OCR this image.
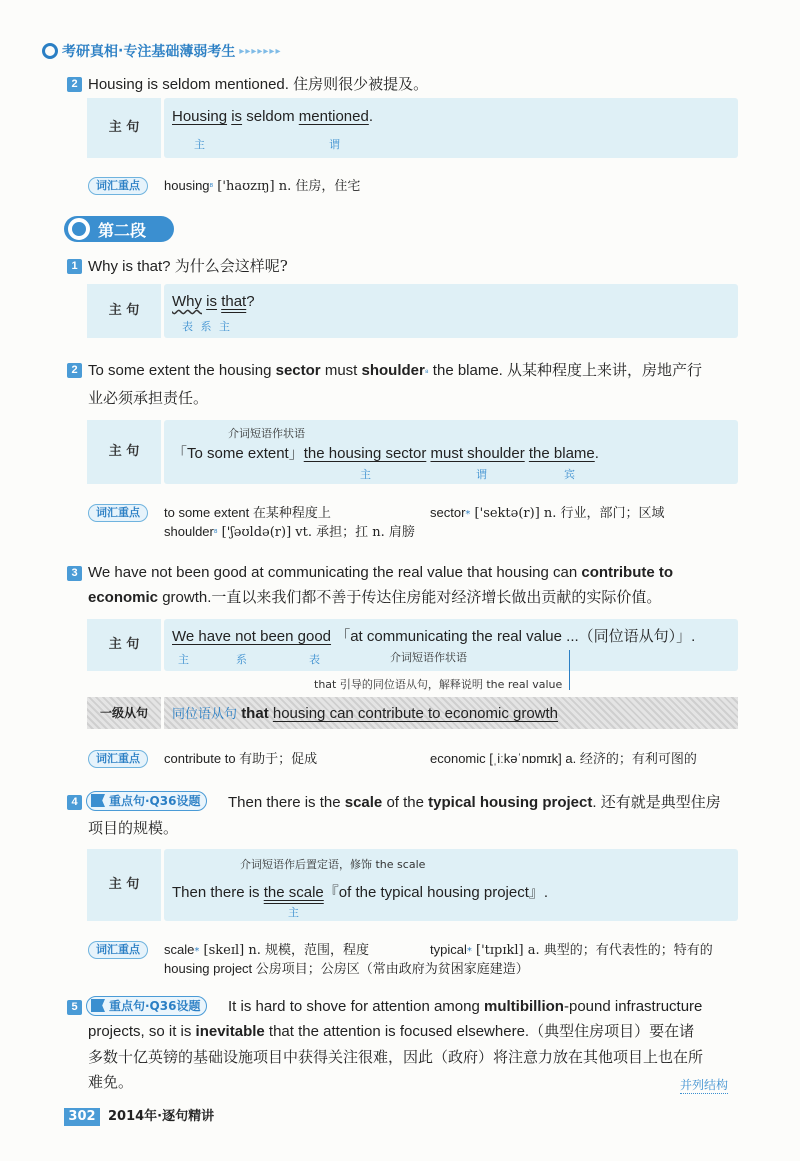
考研真相 · 专注基础薄弱考生 ▸▸▸▸▸▸▸
2 Housing is seldom mentioned. 住房则很少被提及。
主 句
Housing is seldom mentioned.
主	谓
词汇重点	housing⁸ ['haʊzɪŋ] n. 住房，住宅
第二段
1 Why is that? 为什么会这样呢?
主 句
Why is that?
表 系 主
2 To some extent the housing sector must shoulder⁸ the blame. 从某种程度上来讲，房地产行
业必须承担责任。
主 句
介词短语作状语
「To some extent」the housing sector must shoulder the blame.
主	谓	宾
词汇重点	to some extent 在某种程度上	sector* ['sektə(r)] n. 行业，部门；区域
shoulder⁸ ['ʃəʊldə(r)] vt. 承担；扛 n. 肩膀
3 We have not been good at communicating the real value that housing can contribute to
economic growth.一直以来我们都不善于传达住房能对经济增长做出贡献的实际价值。
主 句	We have not been good 「at communicating the real value ...（同位语从句）」.
主	系	表	介词短语作状语
that 引导的同位语从句，解释说明 the real value
一级从句	同位语从句 that housing can contribute to economic growth
词汇重点	contribute to 有助于；促成	economic [ˌiːkəˈnɒmɪk] a. 经济的；有利可图的
4	重点句·Q36设题	Then there is the scale of the typical housing project. 还有就是典型住房
项目的规模。
主 句
介词短语作后置定语，修饰 the scale
Then there is the scale『of the typical housing project』.
主
词汇重点	scale* [skeɪl] n. 规模，范围，程度	typical* ['tɪpɪkl] a. 典型的；有代表性的；特有的
housing project 公房项目；公房区（常由政府为贫困家庭建造）
5	重点句·Q36设题	It is hard to shove for attention among multibillion-pound infrastructure
projects, so it is inevitable that the attention is focused elsewhere.（典型住房项目）要在诸
多数十亿英镑的基础设施项目中获得关注很难，因此（政府）将注意力放在其他项目上也在所
难免。	并列结构
302 2014年·逐句精讲
